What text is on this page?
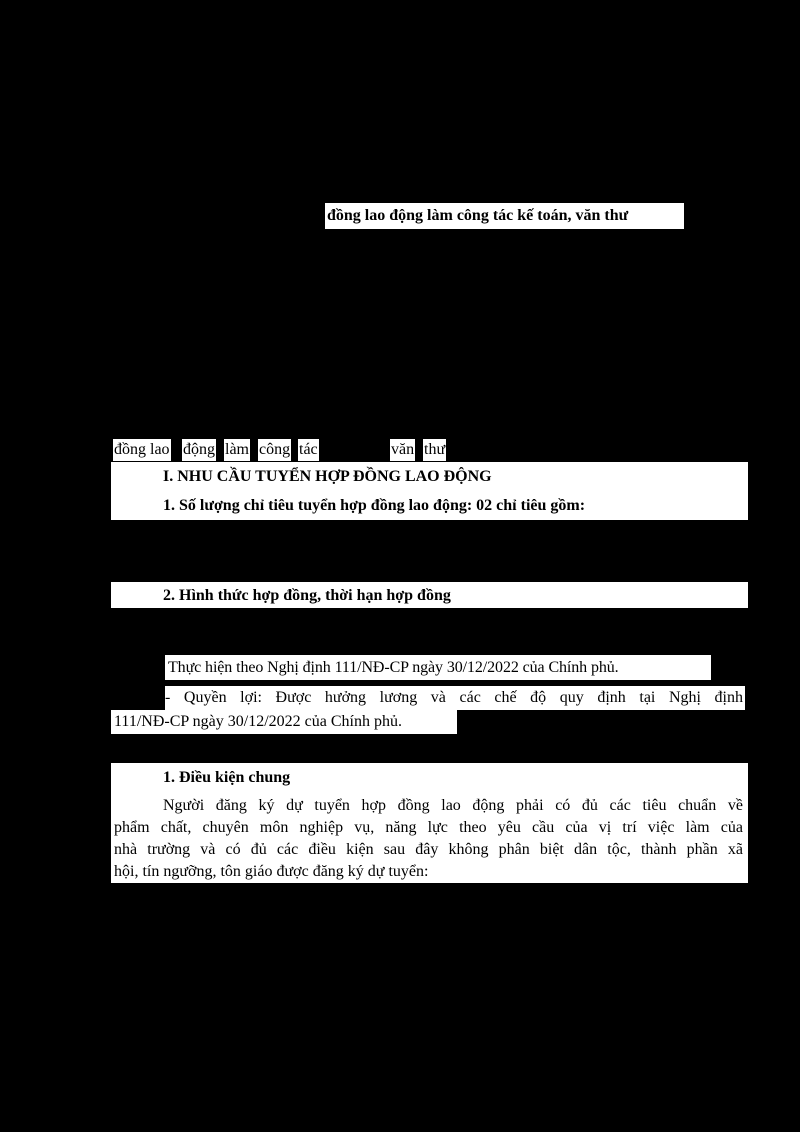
đồng lao động làm công tác kế toán, văn thư
đồng lao động làm công tác	văn thư
I. NHU CẦU TUYỂN HỢP ĐỒNG LAO ĐỘNG
1. Số lượng chỉ tiêu tuyển hợp đồng lao động: 02 chỉ tiêu gồm:
2. Hình thức hợp đồng, thời hạn hợp đồng
Thực hiện theo Nghị định 111/NĐ-CP ngày 30/12/2022 của Chính phủ.
- Quyền lợi: Được hưởng lương và các chế độ quy định tại Nghị định
111/NĐ-CP ngày 30/12/2022 của Chính phủ.
1. Điều kiện chung
Người đăng ký dự tuyển hợp đồng lao động phải có đủ các tiêu chuẩn về
phẩm chất, chuyên môn nghiệp vụ, năng lực theo yêu cầu của vị trí việc làm của
nhà trường và có đủ các điều kiện sau đây không phân biệt dân tộc, thành phần xã
hội, tín ngưỡng, tôn giáo được đăng ký dự tuyển:
